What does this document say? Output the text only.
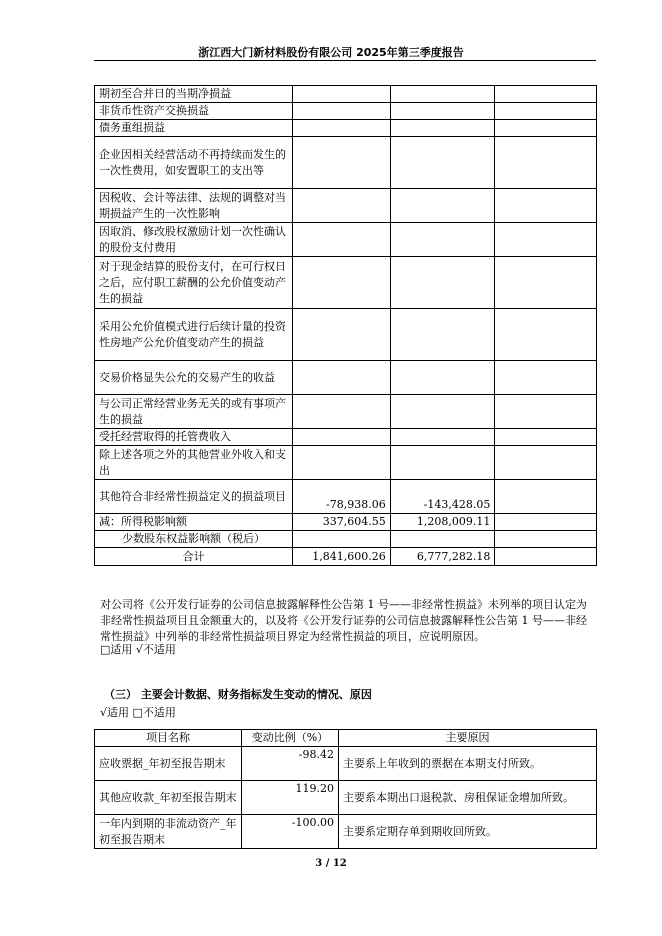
浙江西大门新材料股份有限公司 2025年第三季度报告
期初至合并日的当期净损益			
非货币性资产交换损益			
债务重组损益			
企业因相关经营活动不再持续而发生的一次性费用，如安置职工的支出等			
因税收、会计等法律、法规的调整对当期损益产生的一次性影响			
因取消、修改股权激励计划一次性确认的股份支付费用			
对于现金结算的股份支付，在可行权日之后，应付职工薪酬的公允价值变动产生的损益			
采用公允价值模式进行后续计量的投资性房地产公允价值变动产生的损益			
交易价格显失公允的交易产生的收益			
与公司正常经营业务无关的或有事项产生的损益			
受托经营取得的托管费收入			
除上述各项之外的其他营业外收入和支出			
其他符合非经常性损益定义的损益项目	-78,938.06	-143,428.05	
减：所得税影响额	337,604.55	1,208,009.11	
少数股东权益影响额（税后）			
合计	1,841,600.26	6,777,282.18	
对公司将《公开发行证券的公司信息披露解释性公告第 1 号——非经常性损益》未列举的项目认定为非经常性损益项目且金额重大的，以及将《公开发行证券的公司信息披露解释性公告第 1 号——非经常性损益》中列举的非经常性损益项目界定为经常性损益的项目，应说明原因。
□适用 √不适用
（三） 主要会计数据、财务指标发生变动的情况、原因
√适用 □不适用
项目名称	变动比例（%）	主要原因
应收票据_年初至报告期末	-98.42	主要系上年收到的票据在本期支付所致。
其他应收款_年初至报告期末	119.20	主要系本期出口退税款、房租保证金增加所致。
一年内到期的非流动资产_年初至报告期末	-100.00	主要系定期存单到期收回所致。
3 / 12
